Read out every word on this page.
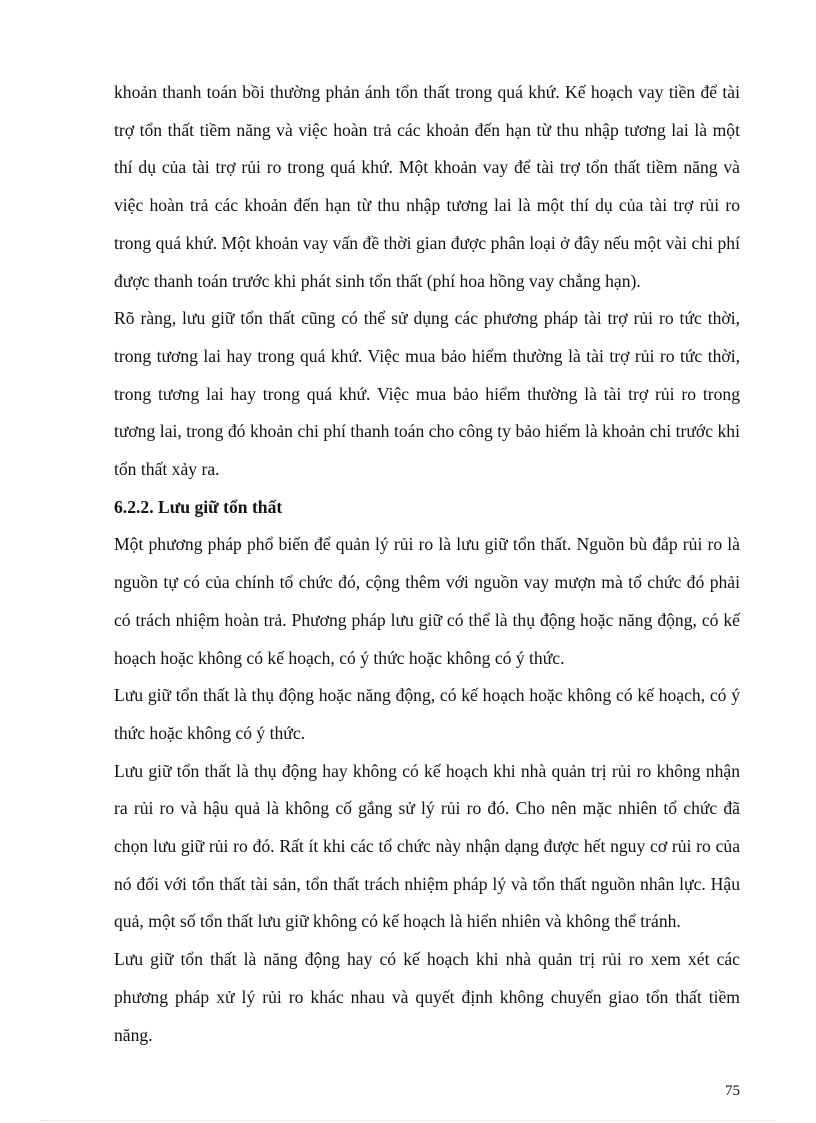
khoản thanh toán bồi thường phản ánh tổn thất trong quá khứ. Kế hoạch vay tiền để tài trợ tổn thất tiềm năng và việc hoàn trả các khoản đến hạn từ thu nhập tương lai là một thí dụ của tài trợ rủi ro trong quá khứ. Một khoản vay để tài trợ tổn thất tiềm năng và việc hoàn trả các khoản đến hạn từ thu nhập tương lai là một thí dụ của tài trợ rủi ro trong quá khứ. Một khoản vay vấn đề thời gian được phân loại ở đây nếu một vài chi phí được thanh toán trước khi phát sinh tổn thất (phí hoa hồng vay chẳng hạn).

Rõ ràng, lưu giữ tổn thất cũng có thể sử dụng các phương pháp tài trợ rủi ro tức thời, trong tương lai hay trong quá khứ. Việc mua bảo hiểm thường là tài trợ rủi ro tức thời, trong tương lai hay trong quá khứ. Việc mua bảo hiểm thường là tài trợ rủi ro trong tương lai, trong đó khoản chi phí thanh toán cho công ty bảo hiểm là khoản chi trước khi tổn thất xảy ra.

6.2.2. Lưu giữ tổn thất

Một phương pháp phổ biến để quản lý rủi ro là lưu giữ tổn thất. Nguồn bù đắp rủi ro là nguồn tự có của chính tổ chức đó, cộng thêm với nguồn vay mượn mà tổ chức đó phải có trách nhiệm hoàn trả. Phương pháp lưu giữ có thể là thụ động hoặc năng động, có kế hoạch hoặc không có kế hoạch, có ý thức hoặc không có ý thức.

Lưu giữ tổn thất là thụ động hoặc năng động, có kế hoạch hoặc không có kế hoạch, có ý thức hoặc không có ý thức.

Lưu giữ tổn thất là thụ động hay không có kế hoạch khi nhà quản trị rủi ro không nhận ra rủi ro và hậu quả là không cố gắng sử lý rủi ro đó. Cho nên mặc nhiên tổ chức đã chọn lưu giữ rủi ro đó. Rất ít khi các tổ chức này nhận dạng được hết nguy cơ rủi ro của nó đối với tổn thất tài sản, tổn thất trách nhiệm pháp lý và tổn thất nguồn nhân lực. Hậu quả, một số tổn thất lưu giữ không có kế hoạch là hiển nhiên và không thể tránh.

Lưu giữ tổn thất là năng động hay có kế hoạch khi nhà quản trị rủi ro xem xét các phương pháp xử lý rủi ro khác nhau và quyết định không chuyển giao tổn thất tiềm năng.

75
